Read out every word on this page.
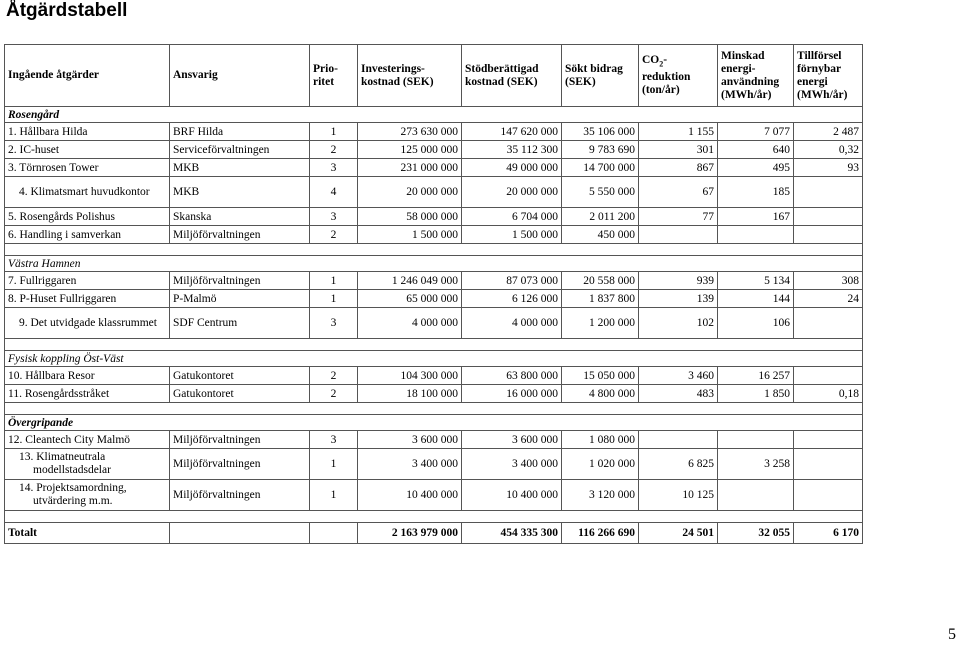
Åtgärdstabell
Ingående åtgärder	Ansvarig	Prio-ritet	Investerings-kostnad (SEK)	Stödberättigad kostnad (SEK)	Sökt bidrag (SEK)	$CO_2$-reduktion (ton/år)	Minskad energi-användning (MWh/år)	Tillförsel förnybar energi (MWh/år)
Rosengård								
1. Hållbara Hilda	BRF Hilda	1	273 630 000	147 620 000	35 106 000	1 155	7 077	2 487
2. IC-huset	Serviceförvaltningen	2	125 000 000	35 112 300	9 783 690	301	640	0,32
3. Törnrosen Tower	MKB	3	231 000 000	49 000 000	14 700 000	867	495	93
4. Klimatsmart huvudkontor	MKB	4	20 000 000	20 000 000	5 550 000	67	185	
5. Rosengårds Polishus	Skanska	3	58 000 000	6 704 000	2 011 200	77	167	
6. Handling i samverkan	Miljöförvaltningen	2	1 500 000	1 500 000	450 000			

Västra Hamnen								
7. Fullriggaren	Miljöförvaltningen	1	1 246 049 000	87 073 000	20 558 000	939	5 134	308
8. P-Huset Fullriggaren	P-Malmö	1	65 000 000	6 126 000	1 837 800	139	144	24
9. Det utvidgade klassrummet	SDF Centrum	3	4 000 000	4 000 000	1 200 000	102	106	

Fysisk koppling Öst-Väst								
10. Hållbara Resor	Gatukontoret	2	104 300 000	63 800 000	15 050 000	3 460	16 257	
11. Rosengårdsstråket	Gatukontoret	2	18 100 000	16 000 000	4 800 000	483	1 850	0,18

Övergripande								
12. Cleantech City Malmö	Miljöförvaltningen	3	3 600 000	3 600 000	1 080 000			
13. Klimatneutrala modellstadsdelar	Miljöförvaltningen	1	3 400 000	3 400 000	1 020 000	6 825	3 258	
14. Projektsamordning, utvärdering m.m.	Miljöförvaltningen	1	10 400 000	10 400 000	3 120 000	10 125		

Totalt			2 163 979 000	454 335 300	116 266 690	24 501	32 055	6 170
5
